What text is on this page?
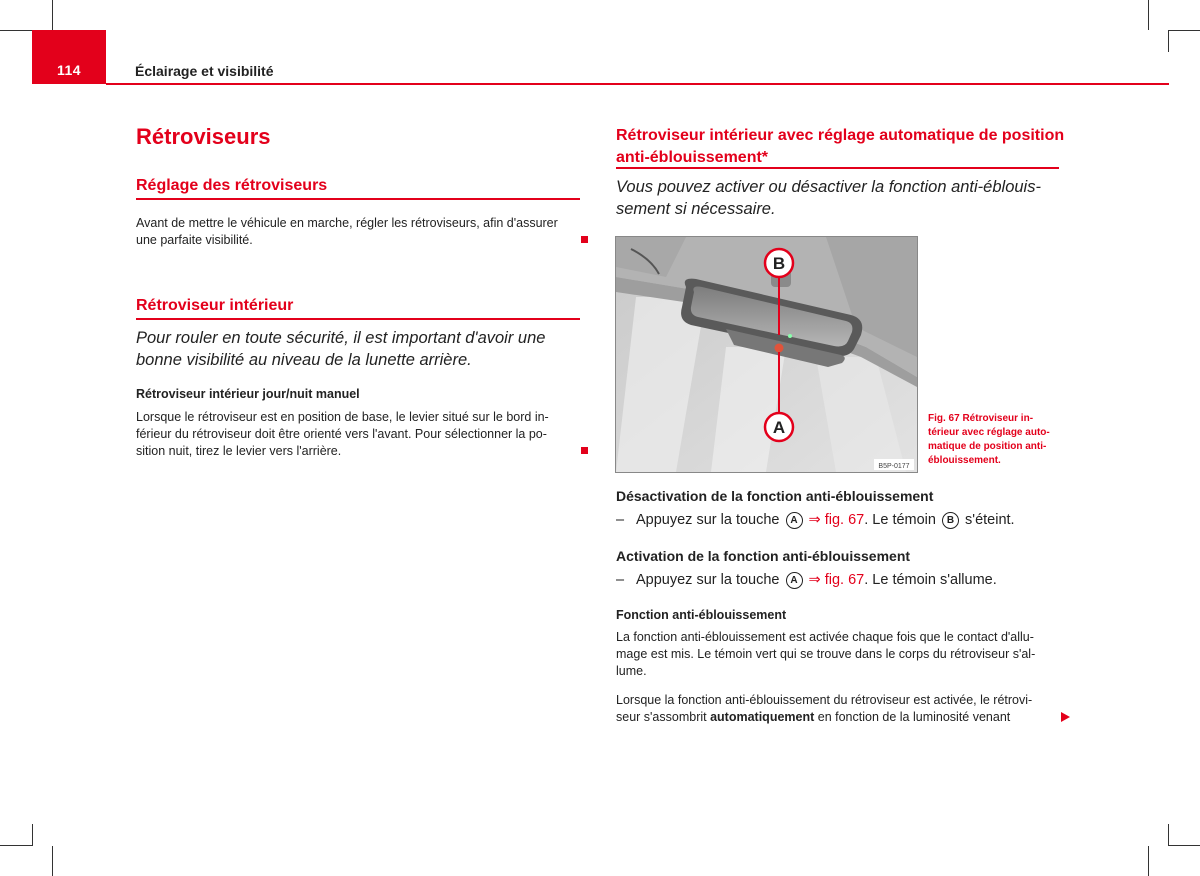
114	Éclairage et visibilité
Rétroviseurs
Réglage des rétroviseurs

Avant de mettre le véhicule en marche, régler les rétroviseurs, afin d'assurer
une parfaite visibilité.

Rétroviseur intérieur

Pour rouler en toute sécurité, il est important d'avoir une
bonne visibilité au niveau de la lunette arrière.

Rétroviseur intérieur jour/nuit manuel

Lorsque le rétroviseur est en position de base, le levier situé sur le bord in-
férieur du rétroviseur doit être orienté vers l'avant. Pour sélectionner la po-
sition nuit, tirez le levier vers l'arrière.

Rétroviseur intérieur avec réglage automatique de position
anti-éblouissement*

Vous pouvez activer ou désactiver la fonction anti-éblouis-
sement si nécessaire.

B
A
B5P-0177

Fig. 67 Rétroviseur in-
térieur avec réglage auto-
matique de position anti-
éblouissement.

Désactivation de la fonction anti-éblouissement

– Appuyez sur la touche A ⇒ fig. 67. Le témoin B s'éteint.

Activation de la fonction anti-éblouissement

– Appuyez sur la touche A ⇒ fig. 67. Le témoin s'allume.

Fonction anti-éblouissement

La fonction anti-éblouissement est activée chaque fois que le contact d'allu-
mage est mis. Le témoin vert qui se trouve dans le corps du rétroviseur s'al-
lume.

Lorsque la fonction anti-éblouissement du rétroviseur est activée, le rétrovi-
seur s'assombrit automatiquement en fonction de la luminosité venant
